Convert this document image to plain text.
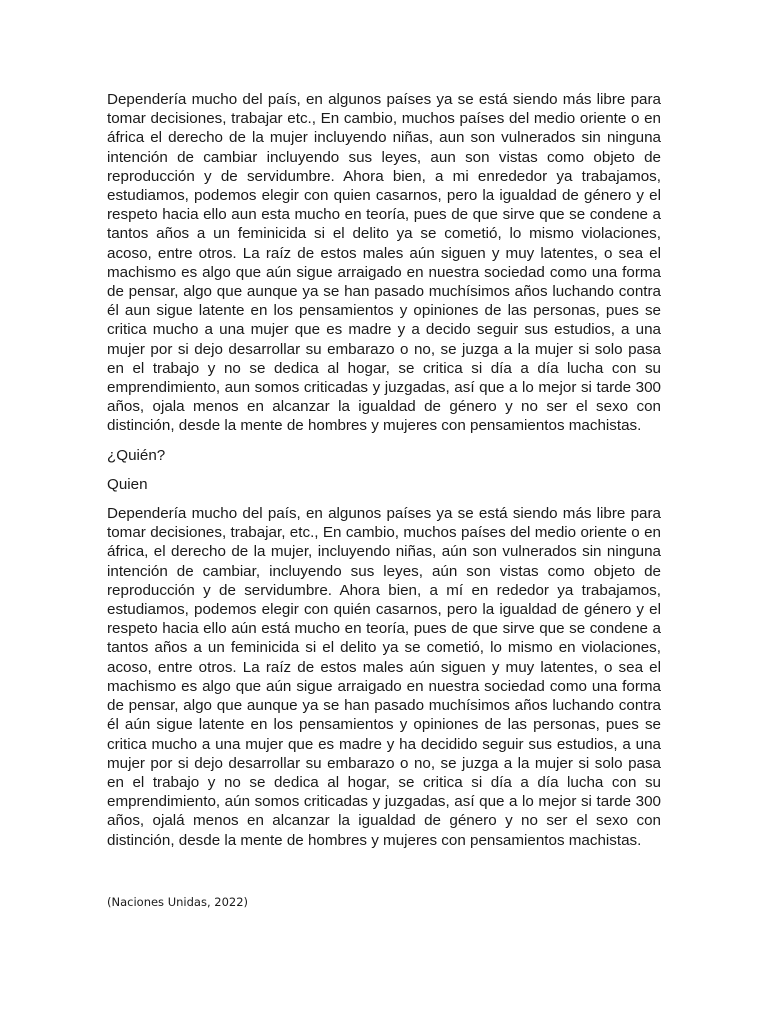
Dependería mucho del país, en algunos países ya se está siendo más libre para tomar decisiones, trabajar etc., En cambio, muchos países del medio oriente o en áfrica el derecho de la mujer incluyendo niñas, aun son vulnerados sin ninguna intención de cambiar incluyendo sus leyes, aun son vistas como objeto de reproducción y de servidumbre. Ahora bien, a mi enrededor ya trabajamos, estudiamos, podemos elegir con quien casarnos, pero la igualdad de género y el respeto hacia ello aun esta mucho en teoría, pues de que sirve que se condene a tantos años a un feminicida si el delito ya se cometió, lo mismo violaciones, acoso, entre otros. La raíz de estos males aún siguen y muy latentes, o sea el machismo es algo que aún sigue arraigado en nuestra sociedad como una forma de pensar, algo que aunque ya se han pasado muchísimos años luchando contra él aun sigue latente en los pensamientos y opiniones de las personas, pues se critica mucho a una mujer que es madre y a decido seguir sus estudios, a una mujer por si dejo desarrollar su embarazo o no, se juzga a la mujer si solo pasa en el trabajo y no se dedica al hogar, se critica si día a día lucha con su emprendimiento, aun somos criticadas y juzgadas, así que a lo mejor si tarde 300 años, ojala menos en alcanzar la igualdad de género y no ser el sexo con distinción, desde la mente de hombres y mujeres con pensamientos machistas.

¿Quién?

Quien

Dependería mucho del país, en algunos países ya se está siendo más libre para tomar decisiones, trabajar, etc., En cambio, muchos países del medio oriente o en áfrica, el derecho de la mujer, incluyendo niñas, aún son vulnerados sin ninguna intención de cambiar, incluyendo sus leyes, aún son vistas como objeto de reproducción y de servidumbre. Ahora bien, a mí en rededor ya trabajamos, estudiamos, podemos elegir con quién casarnos, pero la igualdad de género y el respeto hacia ello aún está mucho en teoría, pues de que sirve que se condene a tantos años a un feminicida si el delito ya se cometió, lo mismo en violaciones, acoso, entre otros. La raíz de estos males aún siguen y muy latentes, o sea el machismo es algo que aún sigue arraigado en nuestra sociedad como una forma de pensar, algo que aunque ya se han pasado muchísimos años luchando contra él aún sigue latente en los pensamientos y opiniones de las personas, pues se critica mucho a una mujer que es madre y ha decidido seguir sus estudios, a una mujer por si dejo desarrollar su embarazo o no, se juzga a la mujer si solo pasa en el trabajo y no se dedica al hogar, se critica si día a día lucha con su emprendimiento, aún somos criticadas y juzgadas, así que a lo mejor si tarde 300 años, ojalá menos en alcanzar la igualdad de género y no ser el sexo con distinción, desde la mente de hombres y mujeres con pensamientos machistas.

(Naciones Unidas, 2022)
